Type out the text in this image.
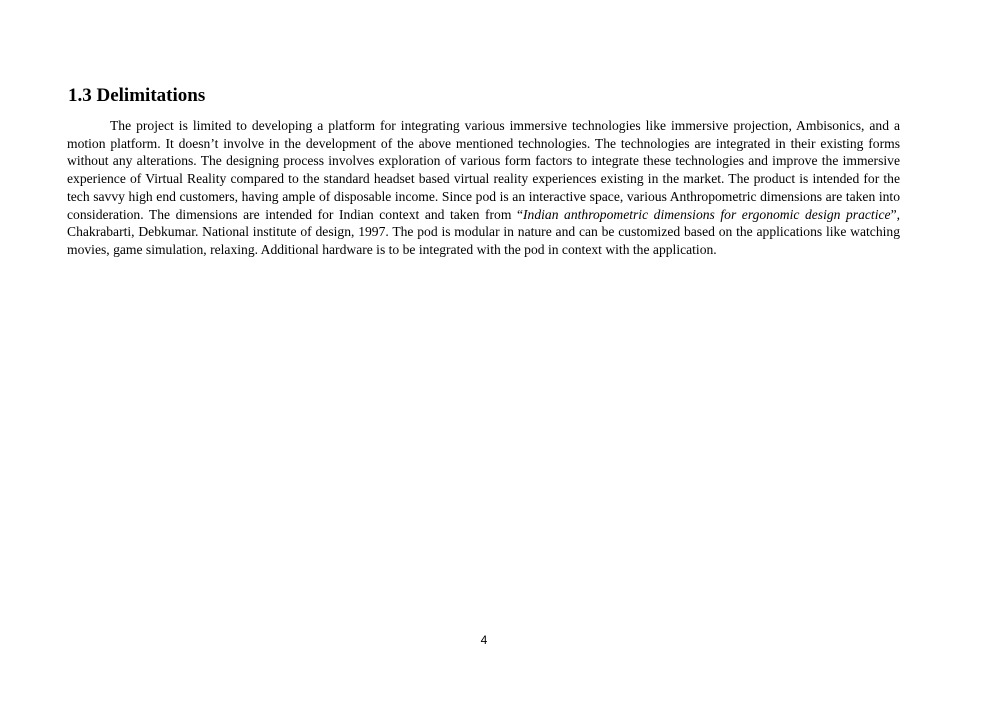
1.3 Delimitations

The project is limited to developing a platform for integrating various immersive technologies like immersive projection, Ambisonics, and a motion platform. It doesn’t involve in the development of the above mentioned technologies. The technologies are integrated in their existing forms without any alterations. The designing process involves exploration of various form factors to integrate these technologies and improve the immersive experience of Virtual Reality compared to the standard headset based virtual reality experiences existing in the market. The product is intended for the tech savvy high end customers, having ample of disposable income. Since pod is an interactive space, various Anthropometric dimensions are taken into consideration. The dimensions are intended for Indian context and taken from “Indian anthropometric dimensions for ergonomic design practice”, Chakrabarti, Debkumar. National institute of design, 1997. The pod is modular in nature and can be customized based on the applications like watching movies, game simulation, relaxing. Additional hardware is to be integrated with the pod in context with the application.

4
